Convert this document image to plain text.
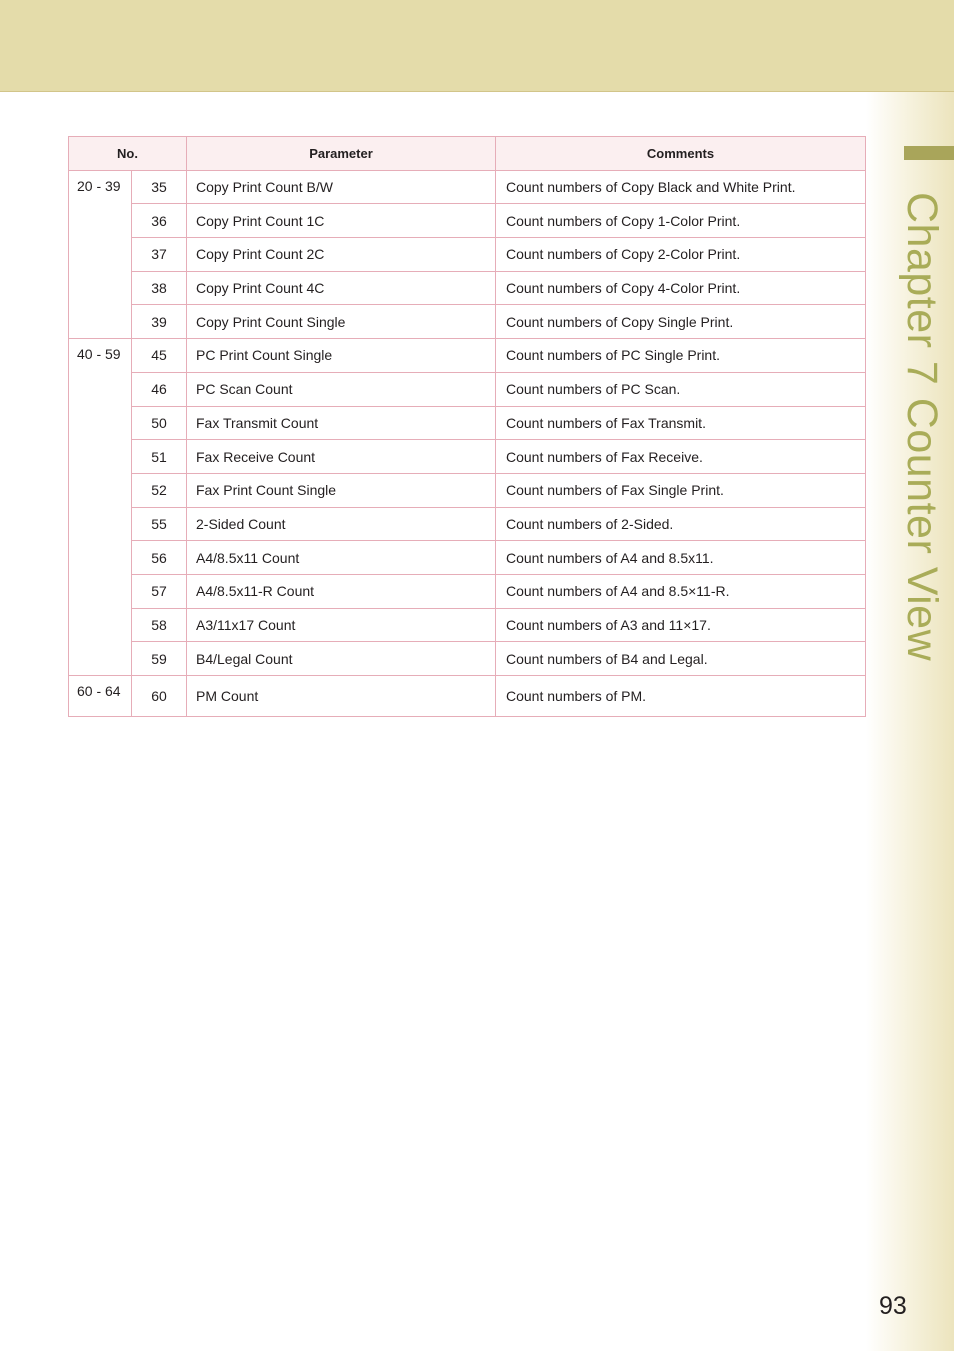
Chapter 7 Counter View
No.		Parameter	Comments
20 - 39	35	Copy Print Count B/W	Count numbers of Copy Black and White Print.
	36	Copy Print Count 1C	Count numbers of Copy 1-Color Print.
	37	Copy Print Count 2C	Count numbers of Copy 2-Color Print.
	38	Copy Print Count 4C	Count numbers of Copy 4-Color Print.
	39	Copy Print Count Single	Count numbers of Copy Single Print.
40 - 59	45	PC Print Count Single	Count numbers of PC Single Print.
	46	PC Scan Count	Count numbers of PC Scan.
	50	Fax Transmit Count	Count numbers of Fax Transmit.
	51	Fax Receive Count	Count numbers of Fax Receive.
	52	Fax Print Count Single	Count numbers of Fax Single Print.
	55	2-Sided Count	Count numbers of 2-Sided.
	56	A4/8.5x11 Count	Count numbers of A4 and 8.5x11.
	57	A4/8.5x11-R Count	Count numbers of A4 and 8.5×11-R.
	58	A3/11x17 Count	Count numbers of A3 and 11×17.
	59	B4/Legal Count	Count numbers of B4 and Legal.
60 - 64	60	PM Count	Count numbers of PM.
93
